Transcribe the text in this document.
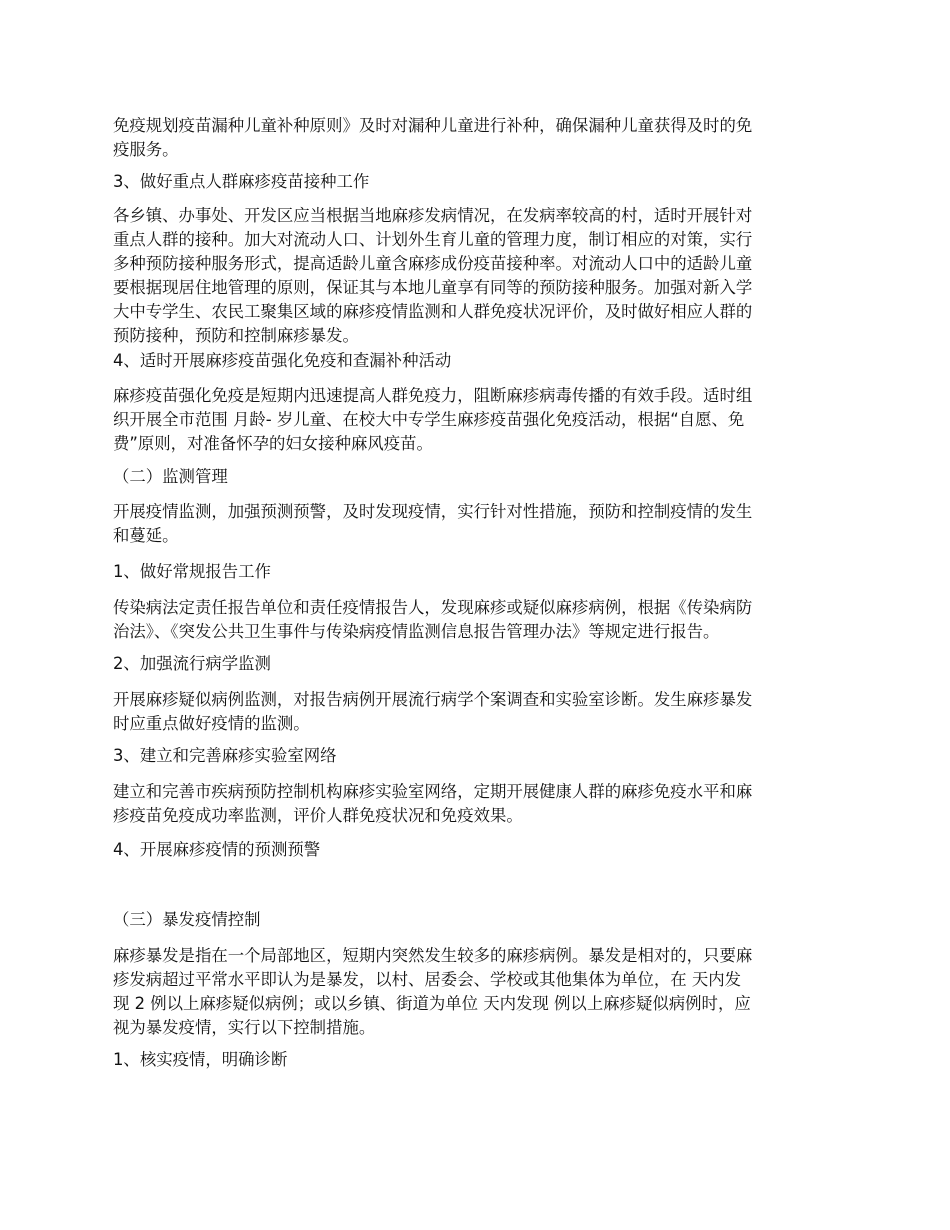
免疫规划疫苗漏种儿童补种原则》及时对漏种儿童进行补种，确保漏种儿童获得及时的免
疫服务。

3、做好重点人群麻疹疫苗接种工作

各乡镇、办事处、开发区应当根据当地麻疹发病情况，在发病率较高的村，适时开展针对
重点人群的接种。加大对流动人口、计划外生育儿童的管理力度，制订相应的对策，实行
多种预防接种服务形式，提高适龄儿童含麻疹成份疫苗接种率。对流动人口中的适龄儿童
要根据现居住地管理的原则，保证其与本地儿童享有同等的预防接种服务。加强对新入学
大中专学生、农民工聚集区域的麻疹疫情监测和人群免疫状况评价，及时做好相应人群的
预防接种，预防和控制麻疹暴发。

4、适时开展麻疹疫苗强化免疫和查漏补种活动

麻疹疫苗强化免疫是短期内迅速提高人群免疫力，阻断麻疹病毒传播的有效手段。适时组
织开展全市范围 月龄- 岁儿童、在校大中专学生麻疹疫苗强化免疫活动，根据“自愿、免
费”原则，对准备怀孕的妇女接种麻风疫苗。

（二）监测管理

开展疫情监测，加强预测预警，及时发现疫情，实行针对性措施，预防和控制疫情的发生
和蔓延。

1、做好常规报告工作

传染病法定责任报告单位和责任疫情报告人，发现麻疹或疑似麻疹病例，根据《传染病防
治法》、《突发公共卫生事件与传染病疫情监测信息报告管理办法》等规定进行报告。

2、加强流行病学监测

开展麻疹疑似病例监测，对报告病例开展流行病学个案调查和实验室诊断。发生麻疹暴发
时应重点做好疫情的监测。

3、建立和完善麻疹实验室网络

建立和完善市疾病预防控制机构麻疹实验室网络，定期开展健康人群的麻疹免疫水平和麻
疹疫苗免疫成功率监测，评价人群免疫状况和免疫效果。

4、开展麻疹疫情的预测预警

（三）暴发疫情控制

麻疹暴发是指在一个局部地区，短期内突然发生较多的麻疹病例。暴发是相对的，只要麻
疹发病超过平常水平即认为是暴发，以村、居委会、学校或其他集体为单位，在 天内发
现 2 例以上麻疹疑似病例；或以乡镇、街道为单位 天内发现 例以上麻疹疑似病例时，应
视为暴发疫情，实行以下控制措施。

1、核实疫情，明确诊断
